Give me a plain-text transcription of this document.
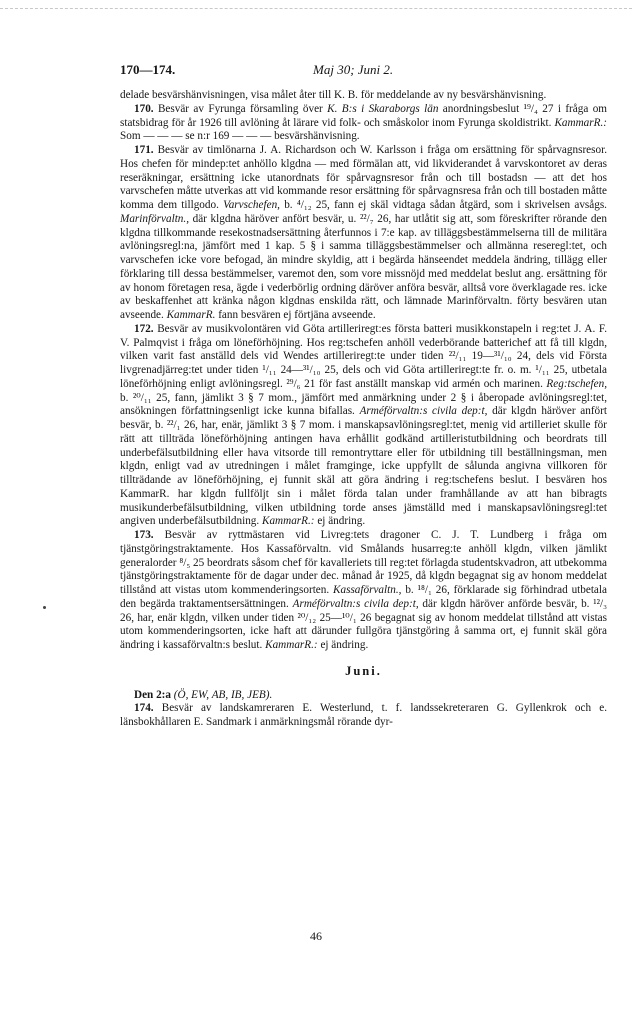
170—174.	Maj 30; Juni 2.

delade besvärshänvisningen, visa målet åter till K. B. för meddelande av ny besvärshänvisning.

170. Besvär av Fyrunga församling över K. B:s i Skaraborgs län anordningsbeslut ¹⁹/₄ 27 i fråga om statsbidrag för år 1926 till avlöning åt lärare vid folk- och småskolor inom Fyrunga skoldistrikt. KammarR.: Som — — — se n:r 169 — — — besvärshänvisning.

171. Besvär av timlönarna J. A. Richardson och W. Karlsson i fråga om ersättning för spårvagnsresor. Hos chefen för mindep:tet anhöllo klgdna — med förmälan att, vid likviderandet å varvskontoret av deras reseräkningar, ersättning icke utanordnats för spårvagnsresor från och till bostadsn — att det hos varvschefen måtte utverkas att vid kommande resor ersättning för spårvagnsresa från och till bostaden måtte komma dem tillgodo. Varvschefen, b. ⁴/₁₂ 25, fann ej skäl vidtaga sådan åtgärd, som i skrivelsen avsågs. Marinförvaltn., där klgdna häröver anfört besvär, u. ²²/₇ 26, har utlåtit sig att, som föreskrifter rörande den klgdna tillkommande resekostnadsersättning återfunnos i 7:e kap. av tilläggsbestämmelserna till de militära avlöningsregl:na, jämfört med 1 kap. 5 § i samma tilläggsbestämmelser och allmänna reseregl:tet, och varvschefen icke vore befogad, än mindre skyldig, att i begärda hänseendet meddela ändring, tillägg eller förklaring till dessa bestämmelser, varemot den, som vore missnöjd med meddelat beslut ang. ersättning för av honom företagen resa, ägde i vederbörlig ordning däröver anföra besvär, alltså vore överklagade res. icke av beskaffenhet att kränka någon klgdnas enskilda rätt, och lämnade Marinförvaltn. förty besvären utan avseende. KammarR. fann besvären ej förtjäna avseende.

172. Besvär av musikvolontären vid Göta artilleriregt:es första batteri musikkonstapeln i reg:tet J. A. F. V. Palmqvist i fråga om löneförhöjning. Hos reg:tschefen anhöll vederbörande batterichef att få till klgdn, vilken varit fast anställd dels vid Wendes artilleriregt:te under tiden ²²/₁₁ 19—³¹/₁₀ 24, dels vid Första livgrenadjärreg:tet under tiden ¹/₁₁ 24—³¹/₁₀ 25, dels och vid Göta artilleriregt:te fr. o. m. ¹/₁₁ 25, utbetala löneförhöjning enligt avlöningsregl. ²⁹/₆ 21 för fast anställt manskap vid armén och marinen. Reg:tschefen, b. ²⁰/₁₁ 25, fann, jämlikt 3 § 7 mom., jämfört med anmärkning under 2 § i åberopade avlöningsregl:tet, ansökningen författningsenligt icke kunna bifallas. Arméförvaltn:s civila dep:t, där klgdn häröver anfört besvär, b. ²²/₁ 26, har, enär, jämlikt 3 § 7 mom. i manskapsavlöningsregl:tet, menig vid artilleriet skulle för rätt att tillträda löneförhöjning antingen hava erhållit godkänd artilleristutbildning och beordrats till underbefälsutbildning eller hava vitsorde till remontryttare eller för utbildning till beställningsman, men klgdn, enligt vad av utredningen i målet framginge, icke uppfyllt de sålunda angivna villkoren för tillträdande av löneförhöjning, ej funnit skäl att göra ändring i reg:tschefens beslut. I besvären hos KammarR. har klgdn fullföljt sin i målet förda talan under framhållande av att han bibragts musikunderbefälsutbildning, vilken utbildning torde anses jämställd med i manskapsavlöningsregl:tet angiven underbefälsutbildning. KammarR.: ej ändring.

173. Besvär av ryttmästaren vid Livreg:tets dragoner C. J. T. Lundberg i fråga om tjänstgöringstraktamente. Hos Kassaförvaltn. vid Smålands husarreg:te anhöll klgdn, vilken jämlikt generalorder ⁸/₅ 25 beordrats såsom chef för kavalleriets till reg:tet förlagda studentskvadron, att utbekomma tjänstgöringstraktamente för de dagar under dec. månad år 1925, då klgdn begagnat sig av honom meddelat tillstånd att vistas utom kommenderingsorten. Kassaförvaltn., b. ¹⁸/₁ 26, förklarade sig förhindrad utbetala den begärda traktamentsersättningen. Arméförvaltn:s civila dep:t, där klgdn häröver anförde besvär, b. ¹²/₃ 26, har, enär klgdn, vilken under tiden ²⁰/₁₂ 25—¹⁰/₁ 26 begagnat sig av honom meddelat tillstånd att vistas utom kommenderingsorten, icke haft att därunder fullgöra tjänstgöring å samma ort, ej funnit skäl göra ändring i kassaförvaltn:s beslut. KammarR.: ej ändring.

Juni.

Den 2:a (Ö, EW, AB, IB, JEB).

174. Besvär av landskamreraren E. Westerlund, t. f. landssekreteraren G. Gyllenkrok och e. länsbokhållaren E. Sandmark i anmärkningsmål rörande dyr-

46
